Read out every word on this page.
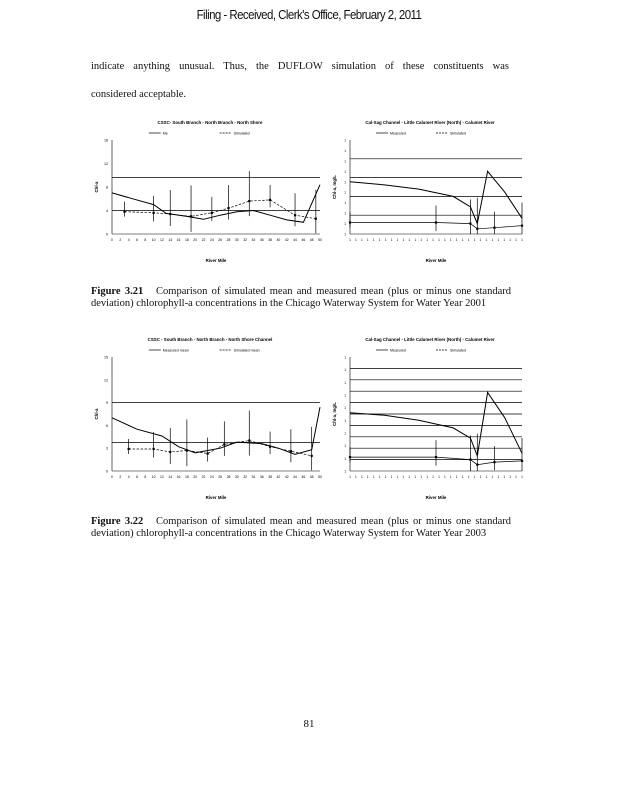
Filing - Received, Clerk's Office, February 2, 2011
indicate anything unusual. Thus, the DUFLOW simulation of these constituents was
considered acceptable.
CSSC- South Branch - North Branch - North Shore
Me	Simulated
0
4
8
12
16
0 2 4 6 8 10 12 14 16 18 20 22 24 26 28 30 32 34 36 38 40 42 44 46 48 50
River Mile
Chl-a
Cal-Sag Channel - Little Calumet River (North) - Calumet River
Measured	Simulated
1
1
1
1
1
1
1
1
1
1
1 1 1 1 1 1 1 1 1 1 1 1 1 1 1 1 1 1 1 1 1 1 1 1 1 1 1 1 1 1
River Mile
Chl-a, mg/L
Figure 3.21 Comparison of simulated mean and measured mean (plus or minus one standard deviation) chlorophyll-a concentrations in the Chicago Waterway System for Water Year 2001
CSSC - South Branch - North Branch - North Shore Channel
Measured mean	Simulated mean
0
3
6
9
12
15
0 2 4 6 8 10 12 14 16 18 20 22 24 26 28 30 32 34 36 38 40 42 44 46 48 50
River Mile
Chl-a
Cal-Sag Channel - Little Calumet River (North) - Calumet River
Measured	Simulated
1
1
1
1
1
1
1
1
1
1
1 1 1 1 1 1 1 1 1 1 1 1 1 1 1 1 1 1 1 1 1 1 1 1 1 1 1 1 1 1
River Mile
Chl-a, mg/L
Figure 3.22 Comparison of simulated mean and measured mean (plus or minus one standard deviation) chlorophyll-a concentrations in the Chicago Waterway System for Water Year 2003
81
